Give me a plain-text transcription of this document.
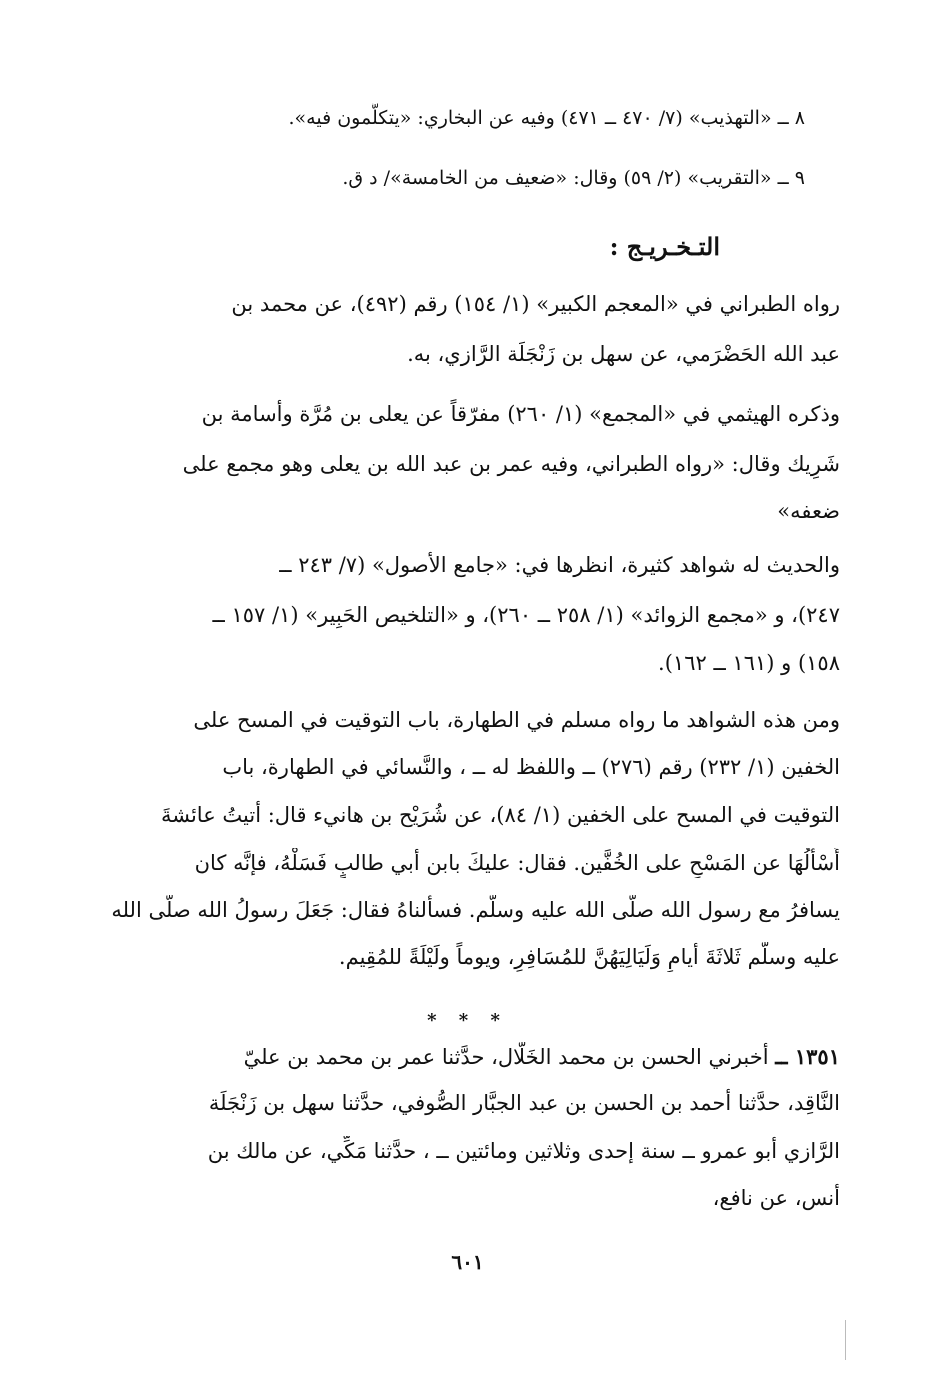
٨ ــ «التهذيب» (٧/ ٤٧٠ ــ ٤٧١) وفيه عن البخاري: «يتكلَّمون فيه».
٩ ــ «التقريب» (٢/ ٥٩) وقال: «ضعيف من الخامسة»/ د ق.
التـخـريـج :
رواه الطبراني في «المعجم الكبير» (١/ ١٥٤) رقم (٤٩٢)، عن محمد بن
عبد الله الحَضْرَمي، عن سهل بن زَنْجَلَة الرَّازي، به.
وذكره الهيثمي في «المجمع» (١/ ٢٦٠) مفرّقاً عن يعلى بن مُرَّة وأسامة بن
شَرِيك وقال: «رواه الطبراني، وفيه عمر بن عبد الله بن يعلى وهو مجمع على
ضعفه»
والحديث له شواهد كثيرة، انظرها في: «جامع الأصول» (٧/ ٢٤٣ ــ
٢٤٧)، و «مجمع الزوائد» (١/ ٢٥٨ ــ ٢٦٠)، و «التلخيص الحَبِير» (١/ ١٥٧ ــ
١٥٨) و (١٦١ ــ ١٦٢).
ومن هذه الشواهد ما رواه مسلم في الطهارة، باب التوقيت في المسح على
الخفين (١/ ٢٣٢) رقم (٢٧٦) ــ واللفظ له ــ ، والنَّسائي في الطهارة، باب
التوقيت في المسح على الخفين (١/ ٨٤)، عن شُرَيْح بن هانيء قال: أتيتُ عائشةَ
أَسْأَلُهَا عن المَسْحِ على الخُفَّين. فقال: عليكَ بابن أبي طالبٍ فَسَلْهُ، فإنَّه كان
يسافرُ مع رسول الله صلَّى الله عليه وسلَّم. فسألناهُ فقال: جَعَلَ رسولُ الله صلَّى الله
عليه وسلَّم ثَلاثَةَ أيامٍ وَلَيَالِيَهُنَّ للمُسَافِرِ، ويوماً ولَيْلَةً للمُقِيم.
* * *
١٣٥١ ــ أخبرني الحسن بن محمد الخَلَّال، حدَّثنا عمر بن محمد بن عليّ
النَّاقِد، حدَّثنا أحمد بن الحسن بن عبد الجبَّار الصُّوفي، حدَّثنا سهل بن زَنْجَلَة
الرَّازي أبو عمرو ــ سنة إحدى وثلاثين ومائتين ــ ، حدَّثنا مَكِّي، عن مالك بن
أنس، عن نافع،
٦٠١
